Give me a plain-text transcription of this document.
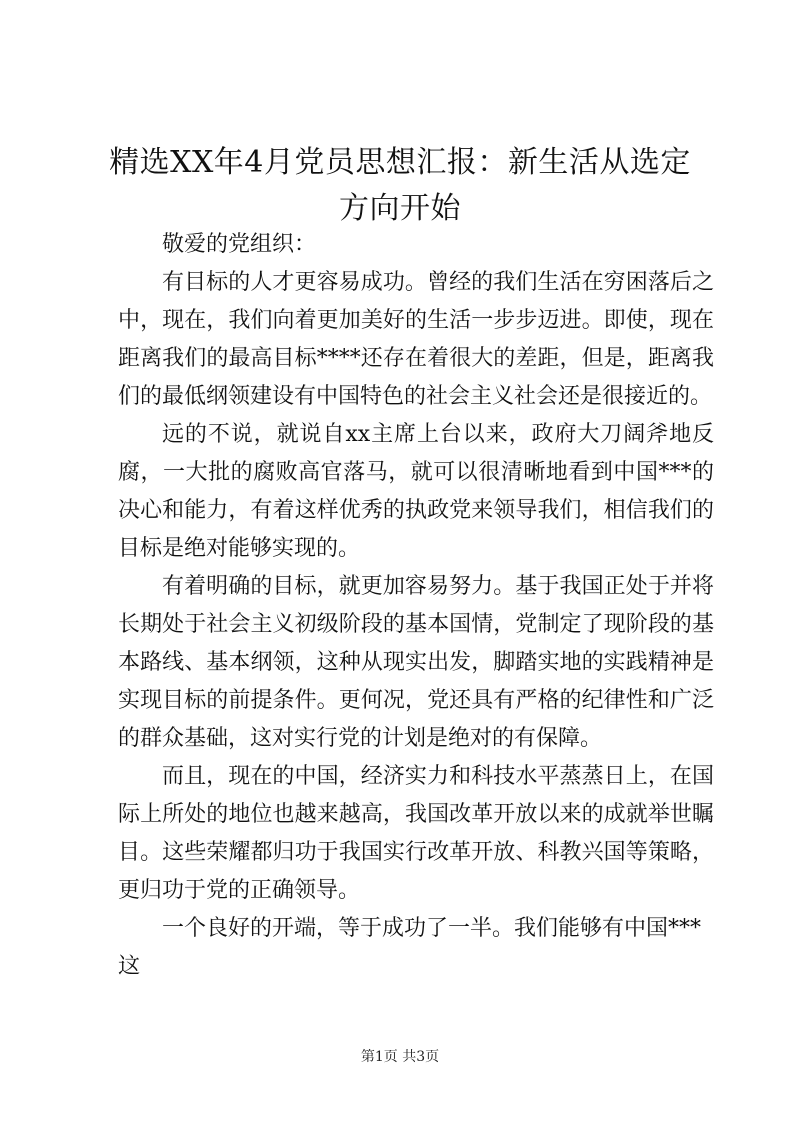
精选XX年4月党员思想汇报：新生活从选定
方向开始

敬爱的党组织：

有目标的人才更容易成功。曾经的我们生活在穷困落后之中，现在，我们向着更加美好的生活一步步迈进。即使，现在距离我们的最高目标****还存在着很大的差距，但是，距离我们的最低纲领建设有中国特色的社会主义社会还是很接近的。

远的不说，就说自xx主席上台以来，政府大刀阔斧地反腐，一大批的腐败高官落马，就可以很清晰地看到中国***的决心和能力，有着这样优秀的执政党来领导我们，相信我们的目标是绝对能够实现的。

有着明确的目标，就更加容易努力。基于我国正处于并将长期处于社会主义初级阶段的基本国情，党制定了现阶段的基本路线、基本纲领，这种从现实出发，脚踏实地的实践精神是实现目标的前提条件。更何况，党还具有严格的纪律性和广泛的群众基础，这对实行党的计划是绝对的有保障。

而且，现在的中国，经济实力和科技水平蒸蒸日上，在国际上所处的地位也越来越高，我国改革开放以来的成就举世瞩目。这些荣耀都归功于我国实行改革开放、科教兴国等策略，更归功于党的正确领导。

一个良好的开端，等于成功了一半。我们能够有中国***这

第1页 共3页
